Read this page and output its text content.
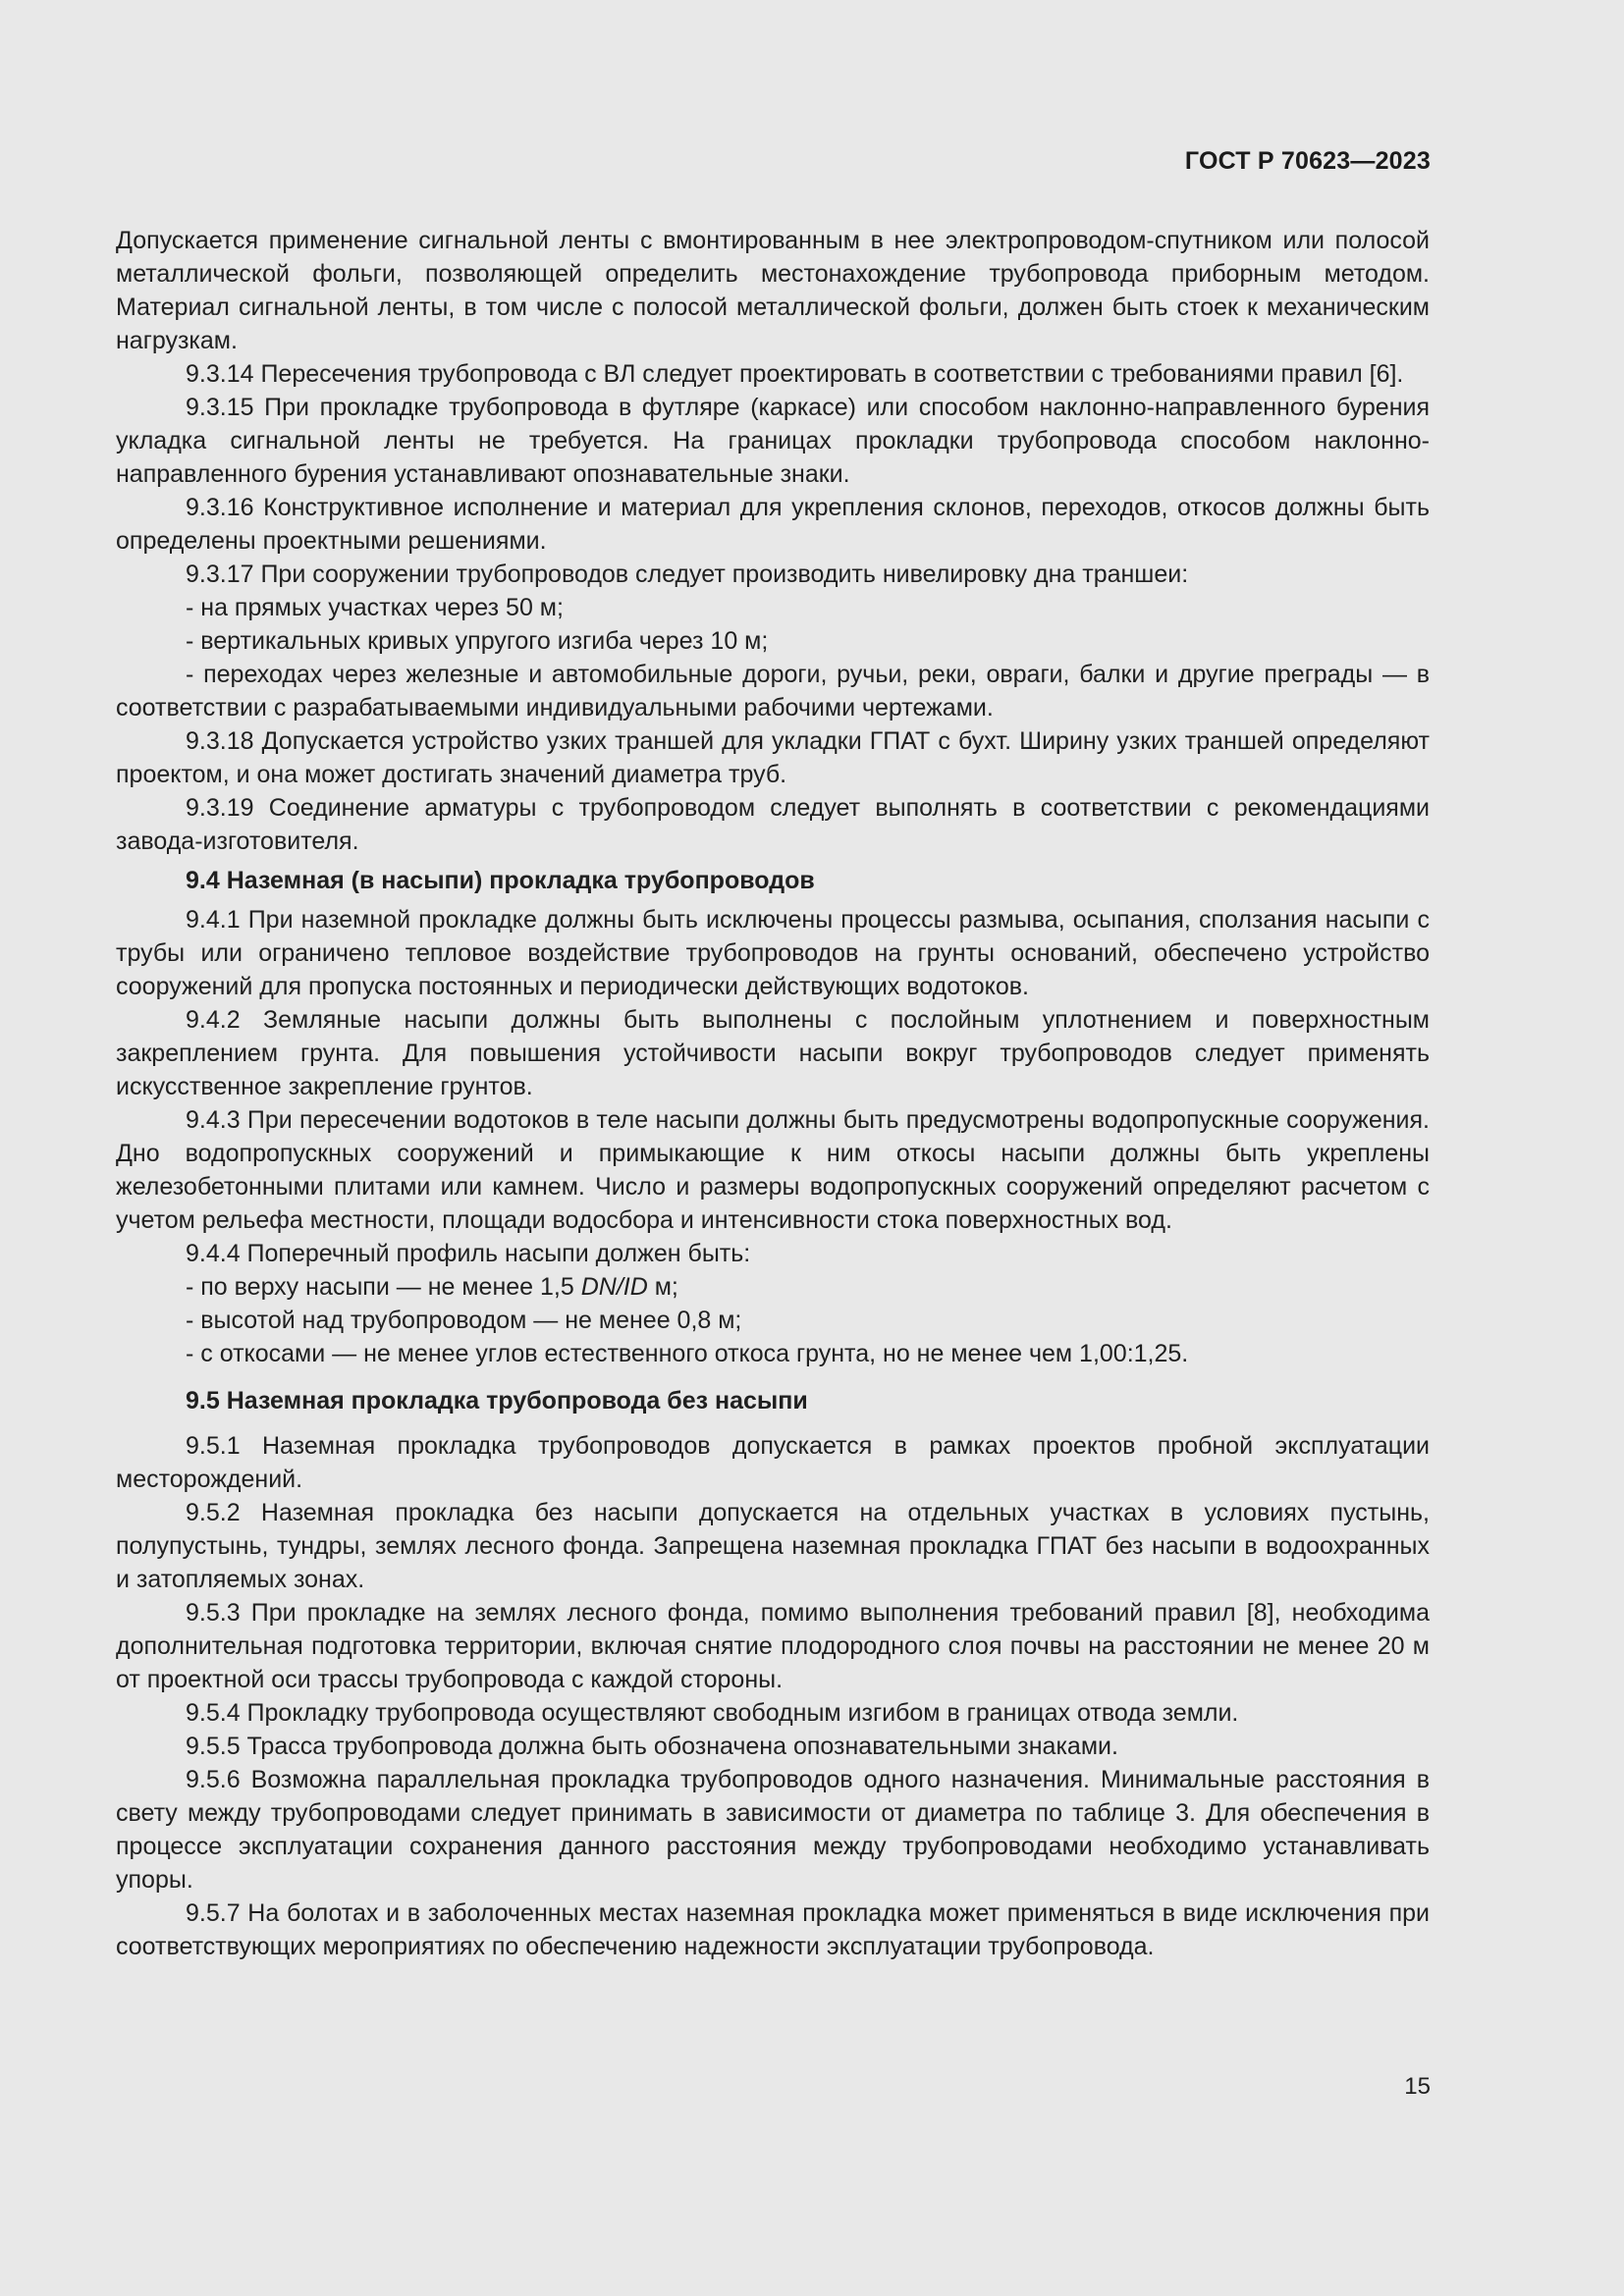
ГОСТ Р 70623—2023

Допускается применение сигнальной ленты с вмонтированным в нее электропроводом-спутником или полосой металлической фольги, позволяющей определить местонахождение трубопровода приборным методом. Материал сигнальной ленты, в том числе с полосой металлической фольги, должен быть стоек к механическим нагрузкам.

9.3.14 Пересечения трубопровода с ВЛ следует проектировать в соответствии с требованиями правил [6].

9.3.15 При прокладке трубопровода в футляре (каркасе) или способом наклонно-направленного бурения укладка сигнальной ленты не требуется. На границах прокладки трубопровода способом наклонно-направленного бурения устанавливают опознавательные знаки.

9.3.16 Конструктивное исполнение и материал для укрепления склонов, переходов, откосов должны быть определены проектными решениями.

9.3.17 При сооружении трубопроводов следует производить нивелировку дна траншеи:

- на прямых участках через 50 м;

- вертикальных кривых упругого изгиба через 10 м;

- переходах через железные и автомобильные дороги, ручьи, реки, овраги, балки и другие преграды — в соответствии с разрабатываемыми индивидуальными рабочими чертежами.

9.3.18 Допускается устройство узких траншей для укладки ГПАТ с бухт. Ширину узких траншей определяют проектом, и она может достигать значений диаметра труб.

9.3.19 Соединение арматуры с трубопроводом следует выполнять в соответствии с рекомендациями завода-изготовителя.

9.4 Наземная (в насыпи) прокладка трубопроводов

9.4.1 При наземной прокладке должны быть исключены процессы размыва, осыпания, сползания насыпи с трубы или ограничено тепловое воздействие трубопроводов на грунты оснований, обеспечено устройство сооружений для пропуска постоянных и периодически действующих водотоков.

9.4.2 Земляные насыпи должны быть выполнены с послойным уплотнением и поверхностным закреплением грунта. Для повышения устойчивости насыпи вокруг трубопроводов следует применять искусственное закрепление грунтов.

9.4.3 При пересечении водотоков в теле насыпи должны быть предусмотрены водопропускные сооружения. Дно водопропускных сооружений и примыкающие к ним откосы насыпи должны быть укреплены железобетонными плитами или камнем. Число и размеры водопропускных сооружений определяют расчетом с учетом рельефа местности, площади водосбора и интенсивности стока поверхностных вод.

9.4.4 Поперечный профиль насыпи должен быть:

- по верху насыпи — не менее 1,5 DN/ID м;

- высотой над трубопроводом — не менее 0,8 м;

- с откосами — не менее углов естественного откоса грунта, но не менее чем 1,00:1,25.

9.5 Наземная прокладка трубопровода без насыпи

9.5.1 Наземная прокладка трубопроводов допускается в рамках проектов пробной эксплуатации месторождений.

9.5.2 Наземная прокладка без насыпи допускается на отдельных участках в условиях пустынь, полупустынь, тундры, землях лесного фонда. Запрещена наземная прокладка ГПАТ без насыпи в водоохранных и затопляемых зонах.

9.5.3 При прокладке на землях лесного фонда, помимо выполнения требований правил [8], необходима дополнительная подготовка территории, включая снятие плодородного слоя почвы на расстоянии не менее 20 м от проектной оси трассы трубопровода с каждой стороны.

9.5.4 Прокладку трубопровода осуществляют свободным изгибом в границах отвода земли.

9.5.5 Трасса трубопровода должна быть обозначена опознавательными знаками.

9.5.6 Возможна параллельная прокладка трубопроводов одного назначения. Минимальные расстояния в свету между трубопроводами следует принимать в зависимости от диаметра по таблице 3. Для обеспечения в процессе эксплуатации сохранения данного расстояния между трубопроводами необходимо устанавливать упоры.

9.5.7 На болотах и в заболоченных местах наземная прокладка может применяться в виде исключения при соответствующих мероприятиях по обеспечению надежности эксплуатации трубопровода.

15
